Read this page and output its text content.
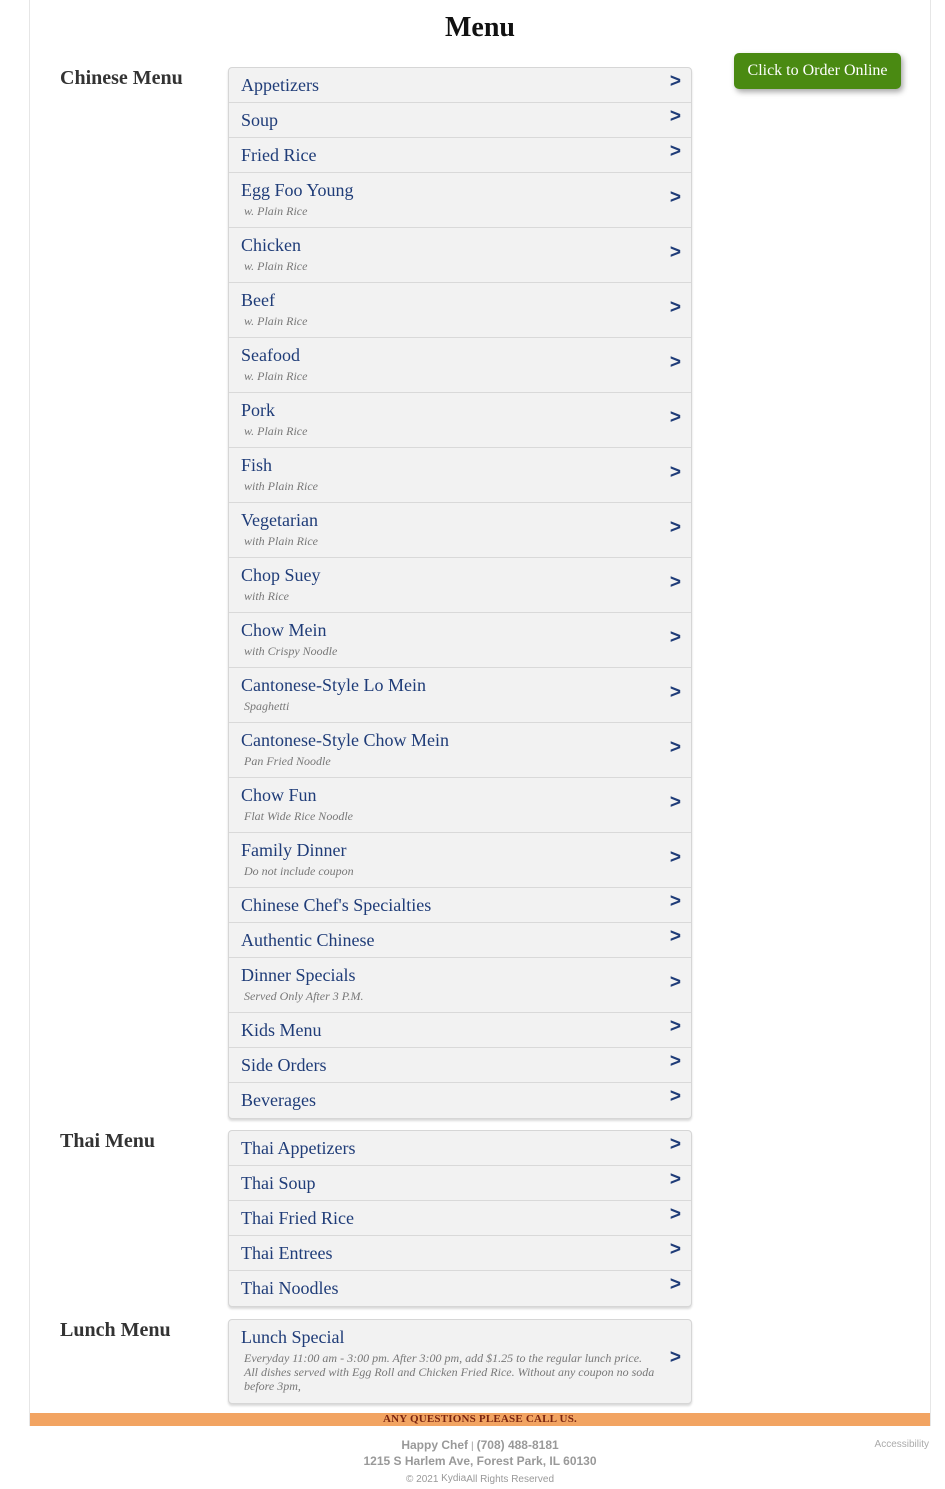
Menu
Click to Order Online
Chinese Menu	Appetizers	>
Soup	>
Fried Rice	>
Egg Foo Young
w. Plain Rice
>
Chicken
w. Plain Rice
>
Beef
w. Plain Rice
>
Seafood
w. Plain Rice
>
Pork
w. Plain Rice
>
Fish
with Plain Rice
>
Vegetarian
with Plain Rice
>
Chop Suey
with Rice
>
Chow Mein
with Crispy Noodle
>
Cantonese-Style Lo Mein
Spaghetti
>
Cantonese-Style Chow Mein
Pan Fried Noodle
>
Chow Fun
Flat Wide Rice Noodle
>
Family Dinner
Do not include coupon
>
Chinese Chef's Specialties	>
Authentic Chinese	>
Dinner Specials
Served Only After 3 P.M.
>
Kids Menu	>
Side Orders	>
Beverages	>
Thai Menu	Thai Appetizers	>
Thai Soup	>
Thai Fried Rice	>
Thai Entrees	>
Thai Noodles	>
Lunch Menu	Lunch Special
Everyday 11:00 am - 3:00 pm. After 3:00 pm, add $1.25 to the regular lunch price. All dishes served with Egg Roll and Chicken Fried Rice. Without any coupon no soda before 3pm,
>
ANY QUESTIONS PLEASE CALL US.
Happy Chef | (708) 488-8181
1215 S Harlem Ave, Forest Park, IL 60130
© 2021 KydiaAll Rights Reserved
Accessibility
